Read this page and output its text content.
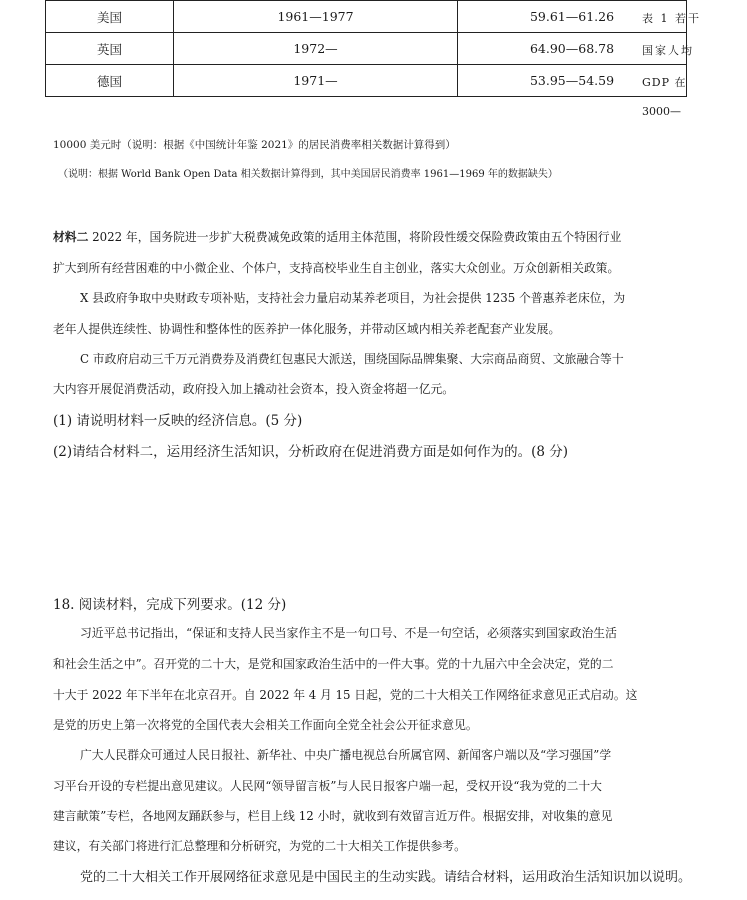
美国	1961—1977	59.61—61.26
英国	1972—	64.90—68.78
德国	1971—	53.95—54.59
表 1 若干
国家人均
GDP 在
3000—
10000 美元时（说明：根据《中国统计年鉴 2021》的居民消费率相关数据计算得到）
（说明：根据 World Bank Open Data 相关数据计算得到，其中美国居民消费率 1961—1969 年的数据缺失）
材料二 2022 年，国务院进一步扩大税费减免政策的适用主体范围，将阶段性缓交保险费政策由五个特困行业
扩大到所有经营困难的中小微企业、个体户，支持高校毕业生自主创业，落实大众创业。万众创新相关政策。
X 县政府争取中央财政专项补贴，支持社会力量启动某养老项目，为社会提供 1235 个普惠养老床位，为
老年人提供连续性、协调性和整体性的医养护一体化服务，并带动区域内相关养老配套产业发展。
C 市政府启动三千万元消费券及消费红包惠民大派送，围绕国际品牌集聚、大宗商品商贸、文旅融合等十
大内容开展促消费活动，政府投入加上撬动社会资本，投入资金将超一亿元。
(1) 请说明材料一反映的经济信息。(5 分)
(2)请结合材料二，运用经济生活知识，分析政府在促进消费方面是如何作为的。(8 分)
18. 阅读材料，完成下列要求。(12 分)
习近平总书记指出，“保证和支持人民当家作主不是一句口号、不是一句空话，必须落实到国家政治生活
和社会生活之中”。召开党的二十大，是党和国家政治生活中的一件大事。党的十九届六中全会决定，党的二
十大于 2022 年下半年在北京召开。自 2022 年 4 月 15 日起，党的二十大相关工作网络征求意见正式启动。这
是党的历史上第一次将党的全国代表大会相关工作面向全党全社会公开征求意见。
广大人民群众可通过人民日报社、新华社、中央广播电视总台所属官网、新闻客户端以及“学习强国”学
习平台开设的专栏提出意见建议。人民网“领导留言板”与人民日报客户端一起，受权开设“我为党的二十大
建言献策”专栏，各地网友踊跃参与，栏目上线 12 小时，就收到有效留言近万件。根据安排，对收集的意见
建议，有关部门将进行汇总整理和分析研究，为党的二十大相关工作提供参考。
党的二十大相关工作开展网络征求意见是中国民主的生动实践。请结合材料，运用政治生活知识加以说明。
